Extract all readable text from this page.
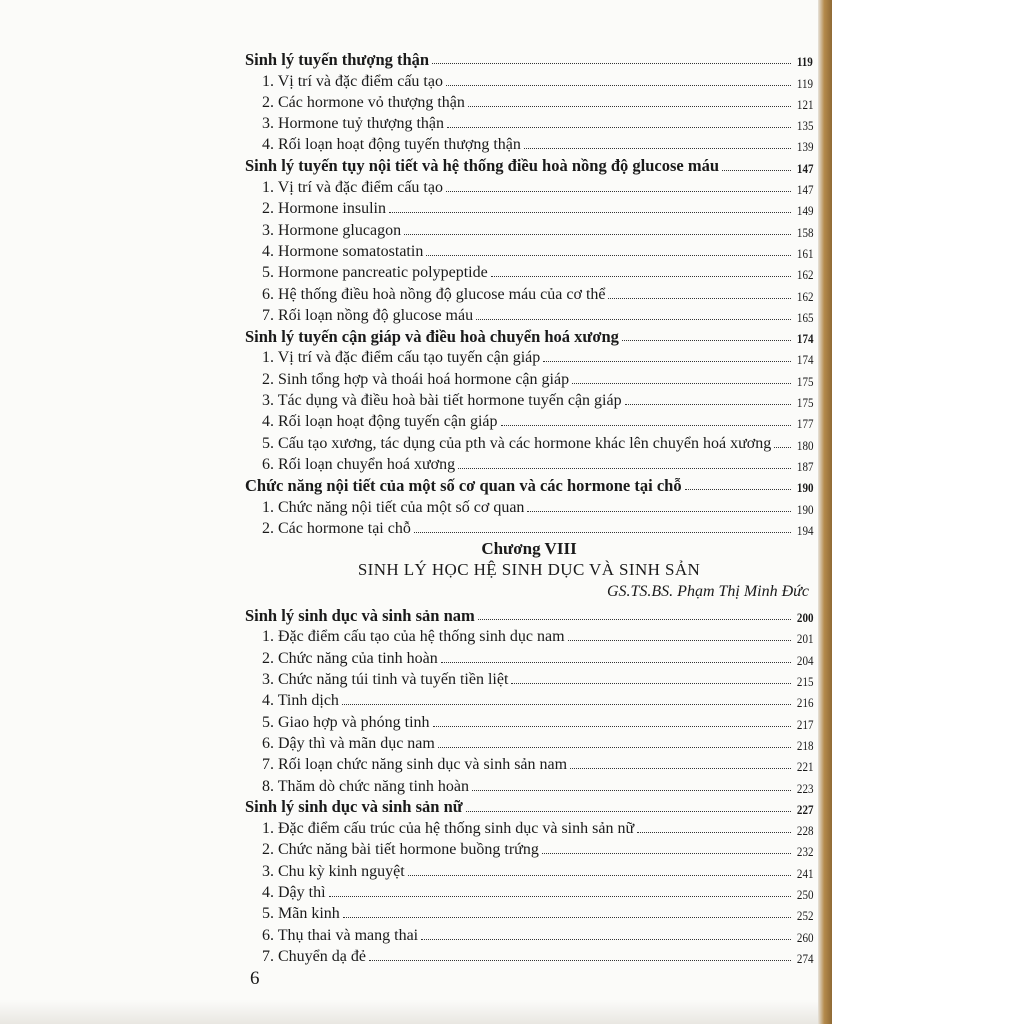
Sinh lý tuyến thượng thận	119
1. Vị trí và đặc điểm cấu tạo	119
2. Các hormone vỏ thượng thận	121
3. Hormone tuỷ thượng thận	135
4. Rối loạn hoạt động tuyến thượng thận	139
Sinh lý tuyến tụy nội tiết và hệ thống điều hoà nồng độ glucose máu	147
1. Vị trí và đặc điểm cấu tạo	147
2. Hormone insulin	149
3. Hormone glucagon	158
4. Hormone somatostatin	161
5. Hormone pancreatic polypeptide	162
6. Hệ thống điều hoà nồng độ glucose máu của cơ thể	162
7. Rối loạn nồng độ glucose máu	165
Sinh lý tuyến cận giáp và điều hoà chuyển hoá xương	174
1. Vị trí và đặc điểm cấu tạo tuyến cận giáp	174
2. Sinh tổng hợp và thoái hoá hormone cận giáp	175
3. Tác dụng và điều hoà bài tiết hormone tuyến cận giáp	175
4. Rối loạn hoạt động tuyến cận giáp	177
5. Cấu tạo xương, tác dụng của pth và các hormone khác lên chuyển hoá xương 180
6. Rối loạn chuyển hoá xương	187
Chức năng nội tiết của một số cơ quan và các hormone tại chỗ	190
1. Chức năng nội tiết của một số cơ quan	190
2. Các hormone tại chỗ	194
Chương VIII
SINH LÝ HỌC HỆ SINH DỤC VÀ SINH SẢN
GS.TS.BS. Phạm Thị Minh Đức
Sinh lý sinh dục và sinh sản nam	200
1. Đặc điểm cấu tạo của hệ thống sinh dục nam	201
2. Chức năng của tinh hoàn	204
3. Chức năng túi tinh và tuyến tiền liệt	215
4. Tinh dịch	216
5. Giao hợp và phóng tinh	217
6. Dậy thì và mãn dục nam	218
7. Rối loạn chức năng sinh dục và sinh sản nam	221
8. Thăm dò chức năng tinh hoàn	223
Sinh lý sinh dục và sinh sản nữ	227
1. Đặc điểm cấu trúc của hệ thống sinh dục và sinh sản nữ	228
2. Chức năng bài tiết hormone buồng trứng	232
3. Chu kỳ kinh nguyệt	241
4. Dậy thì	250
5. Mãn kinh	252
6. Thụ thai và mang thai	260
7. Chuyển dạ đẻ	274
6
